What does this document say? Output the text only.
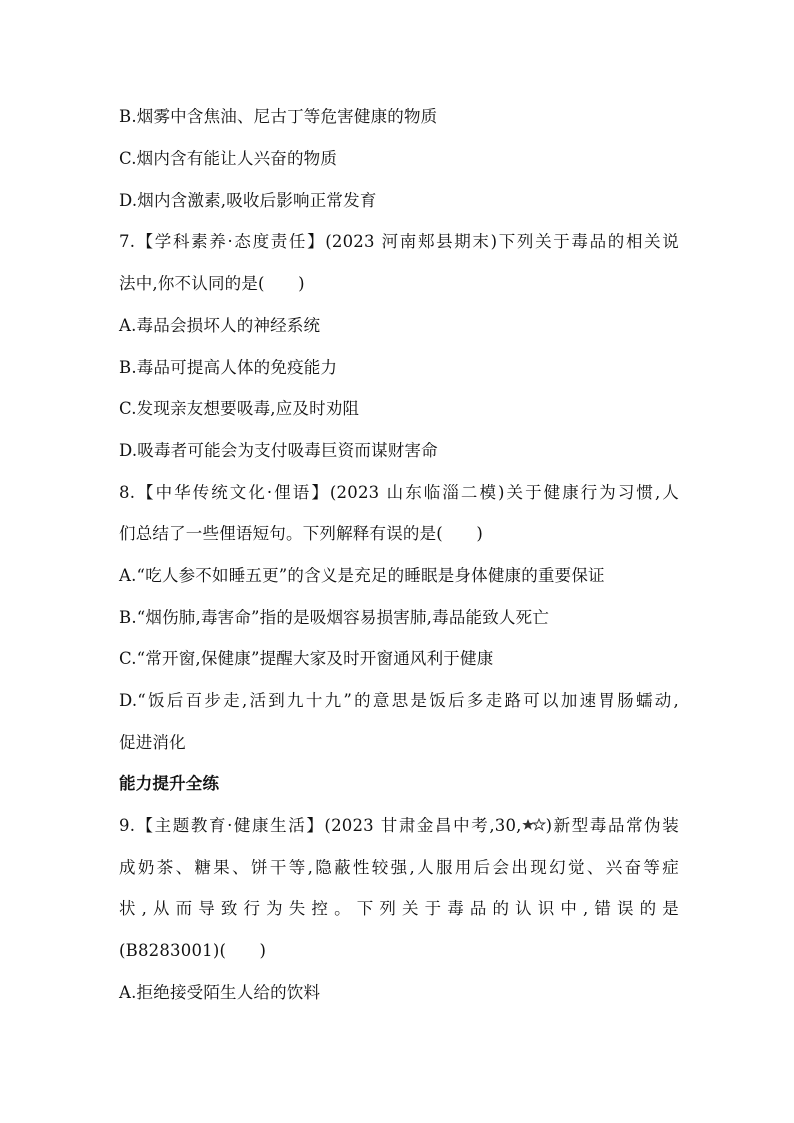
B.烟雾中含焦油、尼古丁等危害健康的物质
C.烟内含有能让人兴奋的物质
D.烟内含激素,吸收后影响正常发育
7.【学科素养·态度责任】(2023 河南郏县期末)下列关于毒品的相关说
法中,你不认同的是(　　)
A.毒品会损坏人的神经系统
B.毒品可提高人体的免疫能力
C.发现亲友想要吸毒,应及时劝阻
D.吸毒者可能会为支付吸毒巨资而谋财害命
8.【中华传统文化·俚语】(2023 山东临淄二模)关于健康行为习惯,人
们总结了一些俚语短句。下列解释有误的是(　　)
A.“吃人参不如睡五更”的含义是充足的睡眠是身体健康的重要保证
B.“烟伤肺,毒害命”指的是吸烟容易损害肺,毒品能致人死亡
C.“常开窗,保健康”提醒大家及时开窗通风利于健康
D.“饭后百步走,活到九十九”的意思是饭后多走路可以加速胃肠蠕动,
促进消化
能力提升全练
9.【主题教育·健康生活】(2023 甘肃金昌中考,30, )新型毒品常伪装
成奶茶、糖果、饼干等,隐蔽性较强,人服用后会出现幻觉、兴奋等症
状,从而导致行为失控。下列关于毒品的认识中,错误的是
(B8283001)(　　)
A.拒绝接受陌生人给的饮料
